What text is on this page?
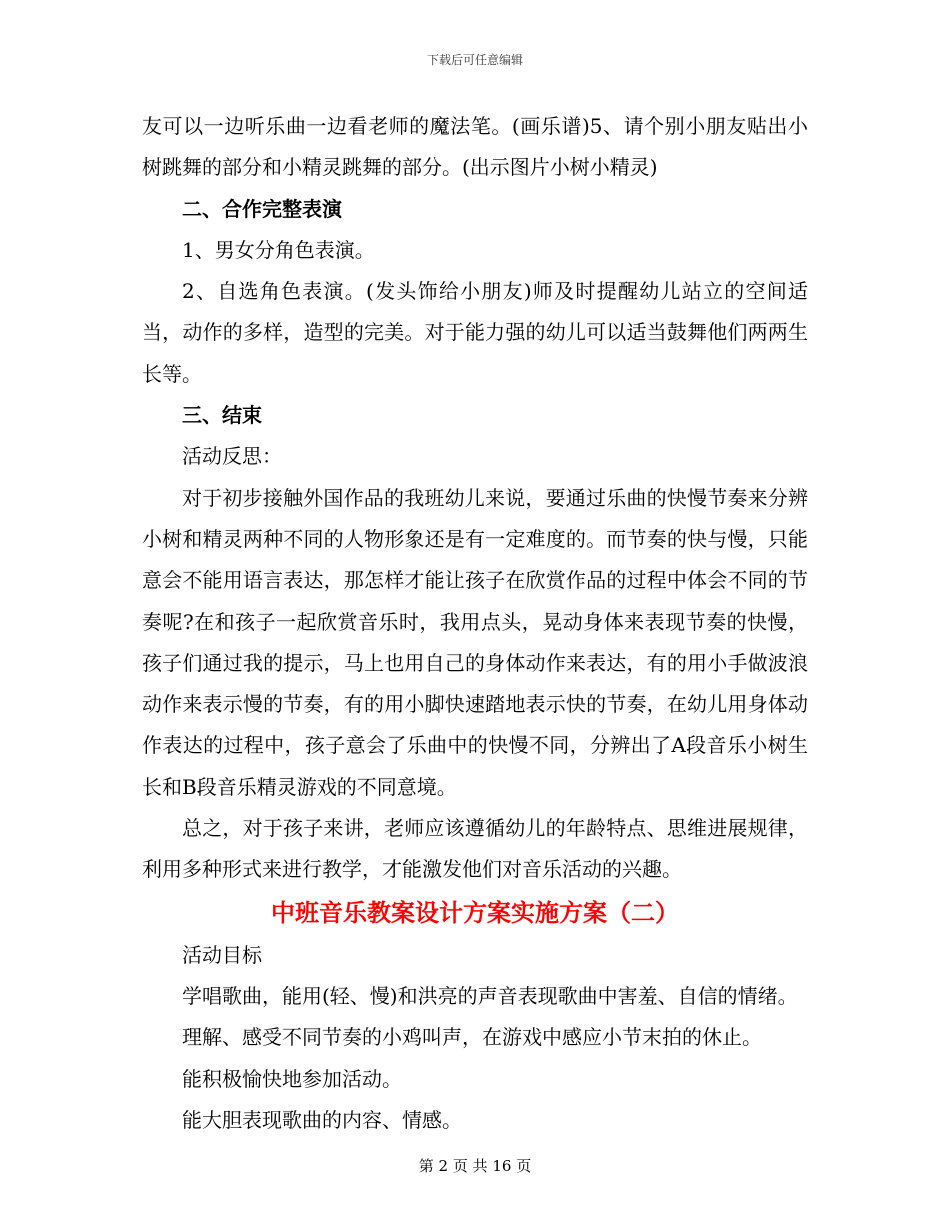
下载后可任意编辑

友可以一边听乐曲一边看老师的魔法笔。(画乐谱)5、请个别小朋友贴出小树跳舞的部分和小精灵跳舞的部分。(出示图片小树小精灵)

二、合作完整表演

1、男女分角色表演。

2、自选角色表演。(发头饰给小朋友)师及时提醒幼儿站立的空间适当，动作的多样，造型的完美。对于能力强的幼儿可以适当鼓舞他们两两生长等。

三、结束

活动反思：

对于初步接触外国作品的我班幼儿来说，要通过乐曲的快慢节奏来分辨小树和精灵两种不同的人物形象还是有一定难度的。而节奏的快与慢，只能意会不能用语言表达，那怎样才能让孩子在欣赏作品的过程中体会不同的节奏呢?在和孩子一起欣赏音乐时，我用点头，晃动身体来表现节奏的快慢，孩子们通过我的提示，马上也用自己的身体动作来表达，有的用小手做波浪动作来表示慢的节奏，有的用小脚快速踏地表示快的节奏，在幼儿用身体动作表达的过程中，孩子意会了乐曲中的快慢不同，分辨出了A段音乐小树生长和B段音乐精灵游戏的不同意境。

总之，对于孩子来讲，老师应该遵循幼儿的年龄特点、思维进展规律，利用多种形式来进行教学，才能激发他们对音乐活动的兴趣。

中班音乐教案设计方案实施方案（二）

活动目标

学唱歌曲，能用(轻、慢)和洪亮的声音表现歌曲中害羞、自信的情绪。

理解、感受不同节奏的小鸡叫声，在游戏中感应小节末拍的休止。

能积极愉快地参加活动。

能大胆表现歌曲的内容、情感。

第 2 页 共 16 页
